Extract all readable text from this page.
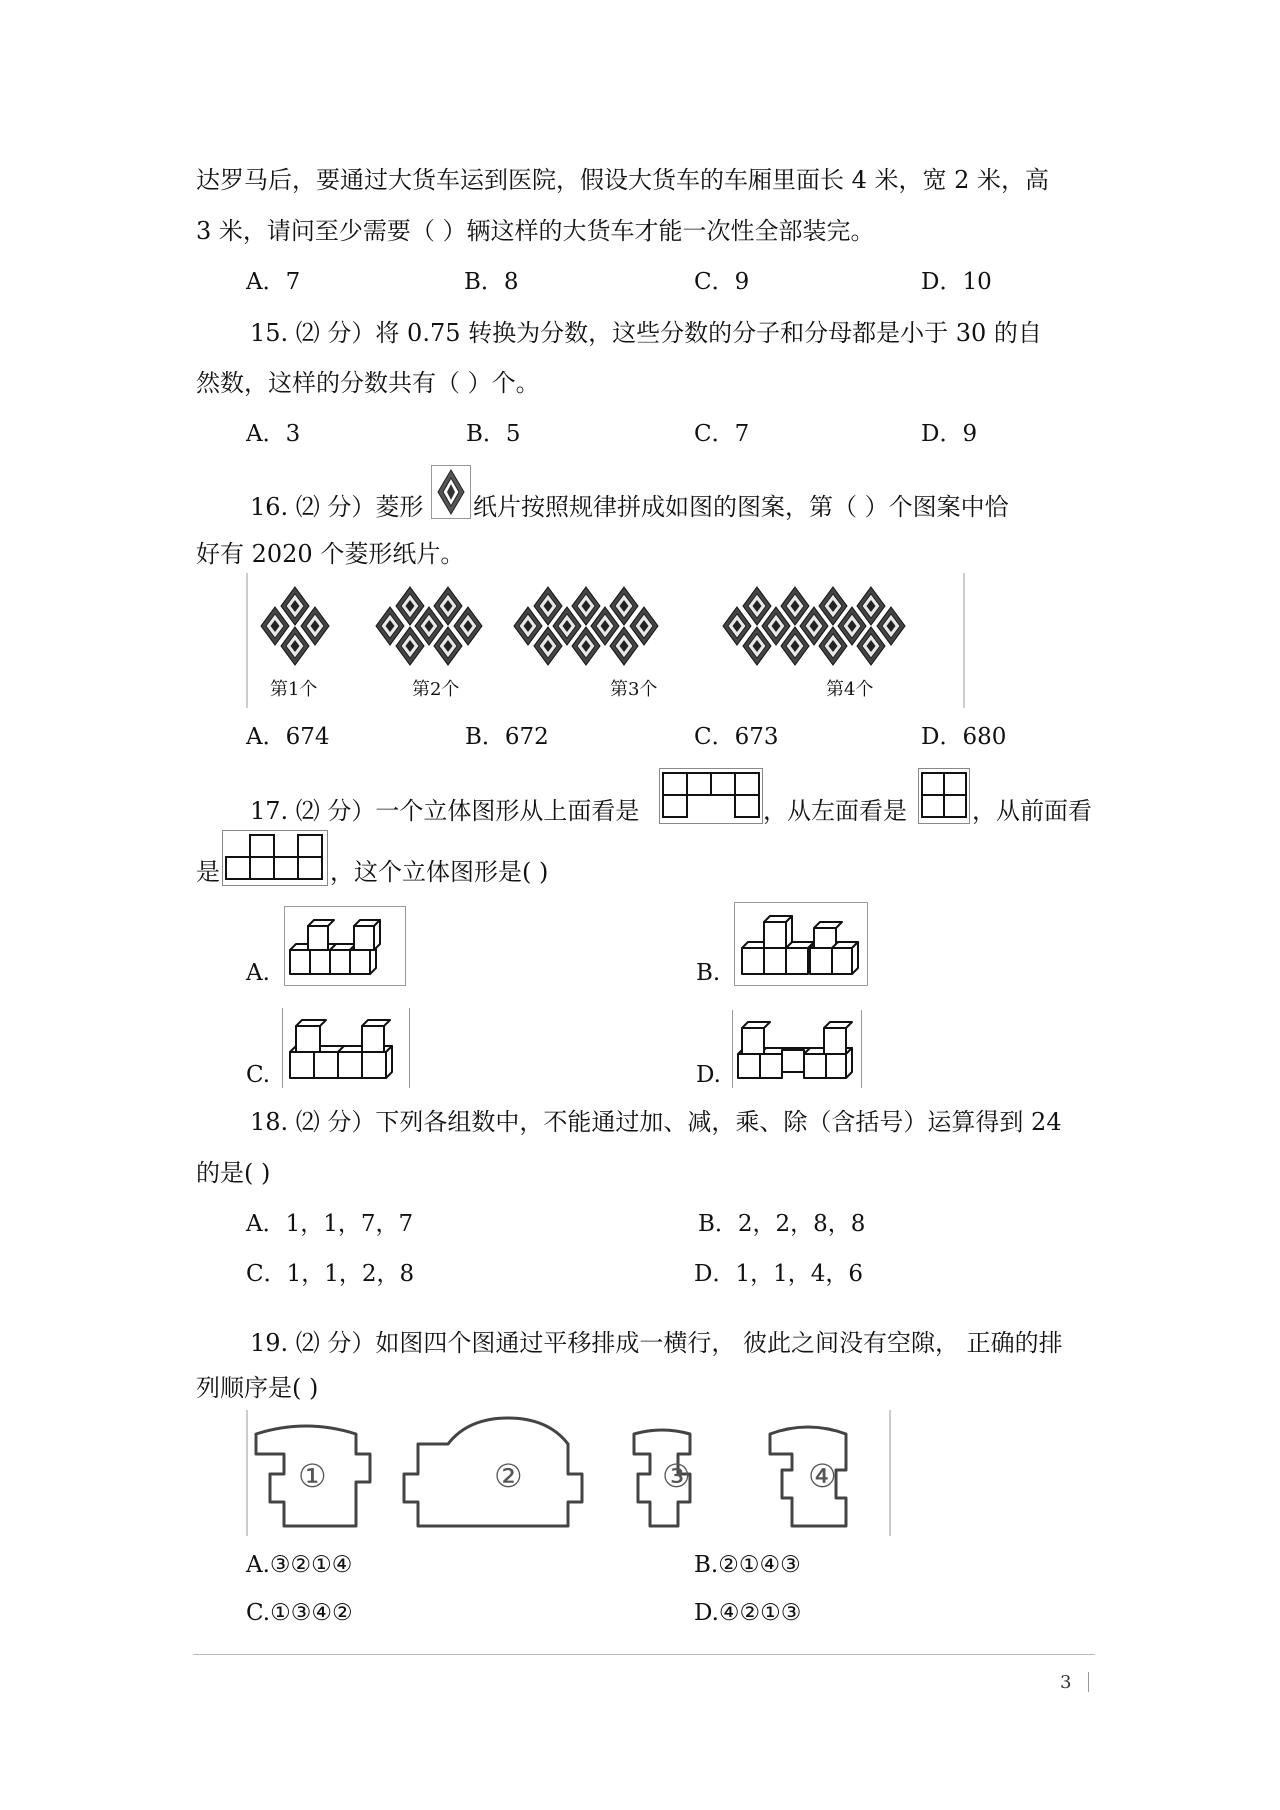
达罗马后，要通过大货车运到医院，假设大货车的车厢里面长 4 米，宽 2 米，高
3 米，请问至少需要（ ）辆这样的大货车才能一次性全部装完。
A．7	B．8	C．9	D．10
15. ⑵ 分）将 0.75 转换为分数，这些分数的分子和分母都是小于 30 的自
然数，这样的分数共有（ ）个。
A．3	B．5	C．7	D．9
16. ⑵ 分）菱形 纸片按照规律拼成如图的图案，第（ ）个图案中恰
好有 2020 个菱形纸片。
第1个	第2个	第3个	第4个
A．674	B．672	C．673	D．680
17. ⑵ 分）一个立体图形从上面看是	，从左面看是	，从前面看
是	，这个立体图形是( )
A.	B.
C.	D.
18. ⑵ 分）下列各组数中，不能通过加、减，乘、除（含括号）运算得到 24
的是( )
A．1，1，7，7	B．2，2，8，8
C．1，1，2，8	D．1，1，4，6
19. ⑵ 分）如图四个图通过平移排成一横行， 彼此之间没有空隙， 正确的排
列顺序是( )
①	②	③	④
A.③②①④	B.②①④③
C.①③④②	D.④②①③
3
